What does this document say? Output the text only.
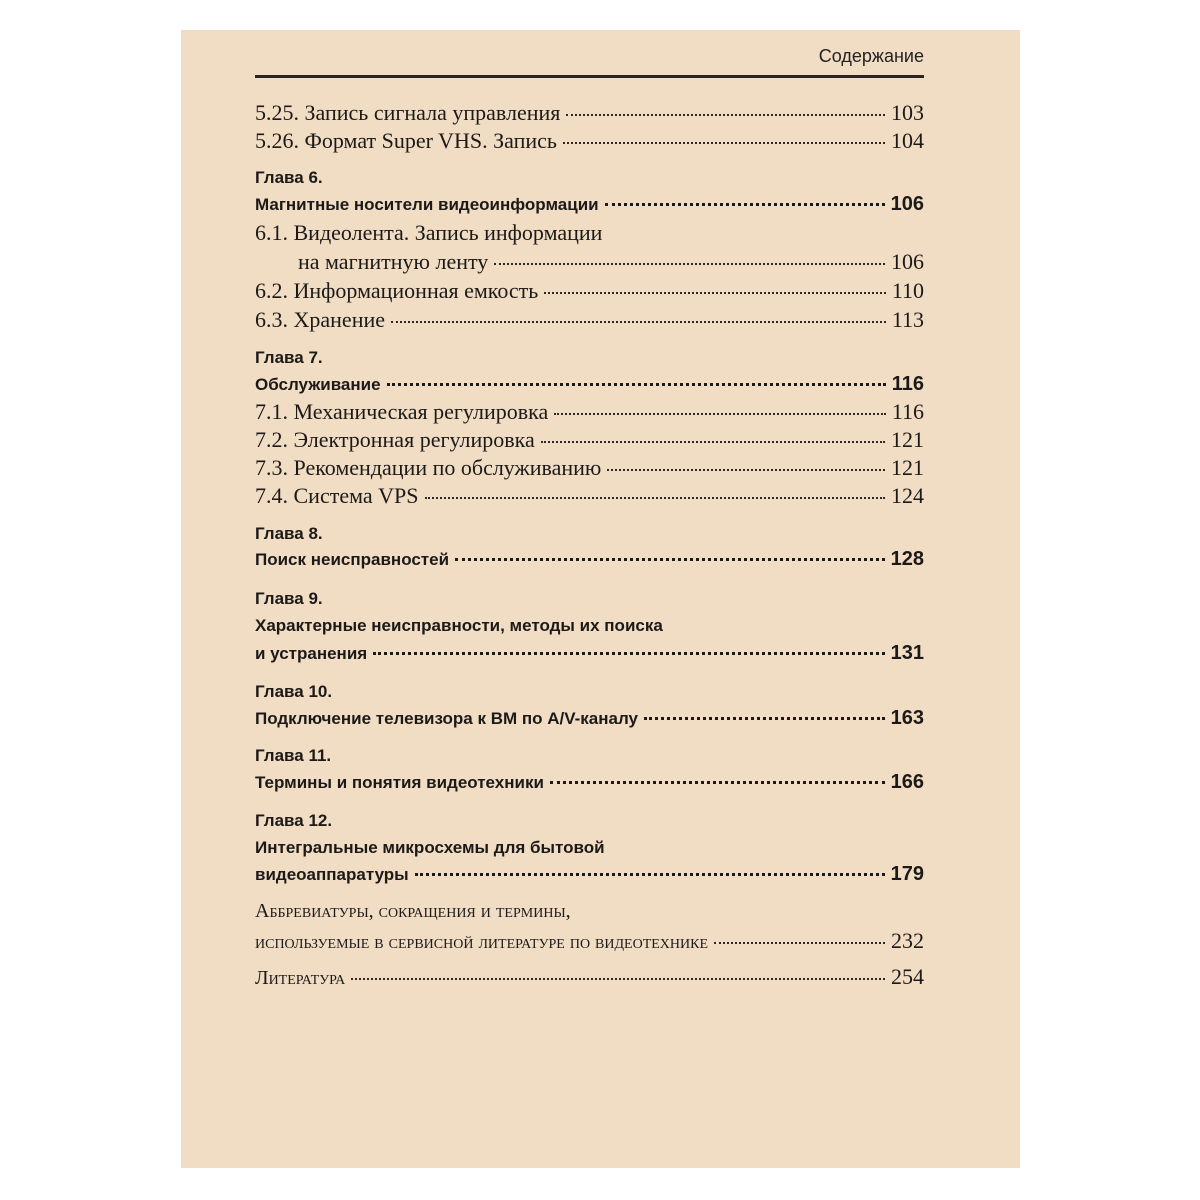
Содержание
5.25.
Запись сигнала управления	103
5.26.
Формат Super VHS. Запись	104
Глава 6.
Магнитные носители видеоинформации	106
6.1. Видеолента. Запись информации
на магнитную ленту	106
6.2.
Информационная емкость	110
6.3.
Хранение	113
Глава 7.
Обслуживание	116
7.1.
Механическая регулировка	116
7.2.
Электронная регулировка	121
7.3.
Рекомендации по обслуживанию	121
7.4.
Система VPS	124
Глава 8.
Поиск неисправностей	128
Глава 9.
Характерные неисправности, методы их поиска
и устранения	131
Глава 10.
Подключение телевизора к ВМ по A/V-каналу	163
Глава 11.
Термины и понятия видеотехники	166
Глава 12.
Интегральные микросхемы для бытовой
видеоаппаратуры	179
Аббревиатуры, сокращения и термины,
используемые в сервисной литературе по видеотехнике	232
Литература	254
